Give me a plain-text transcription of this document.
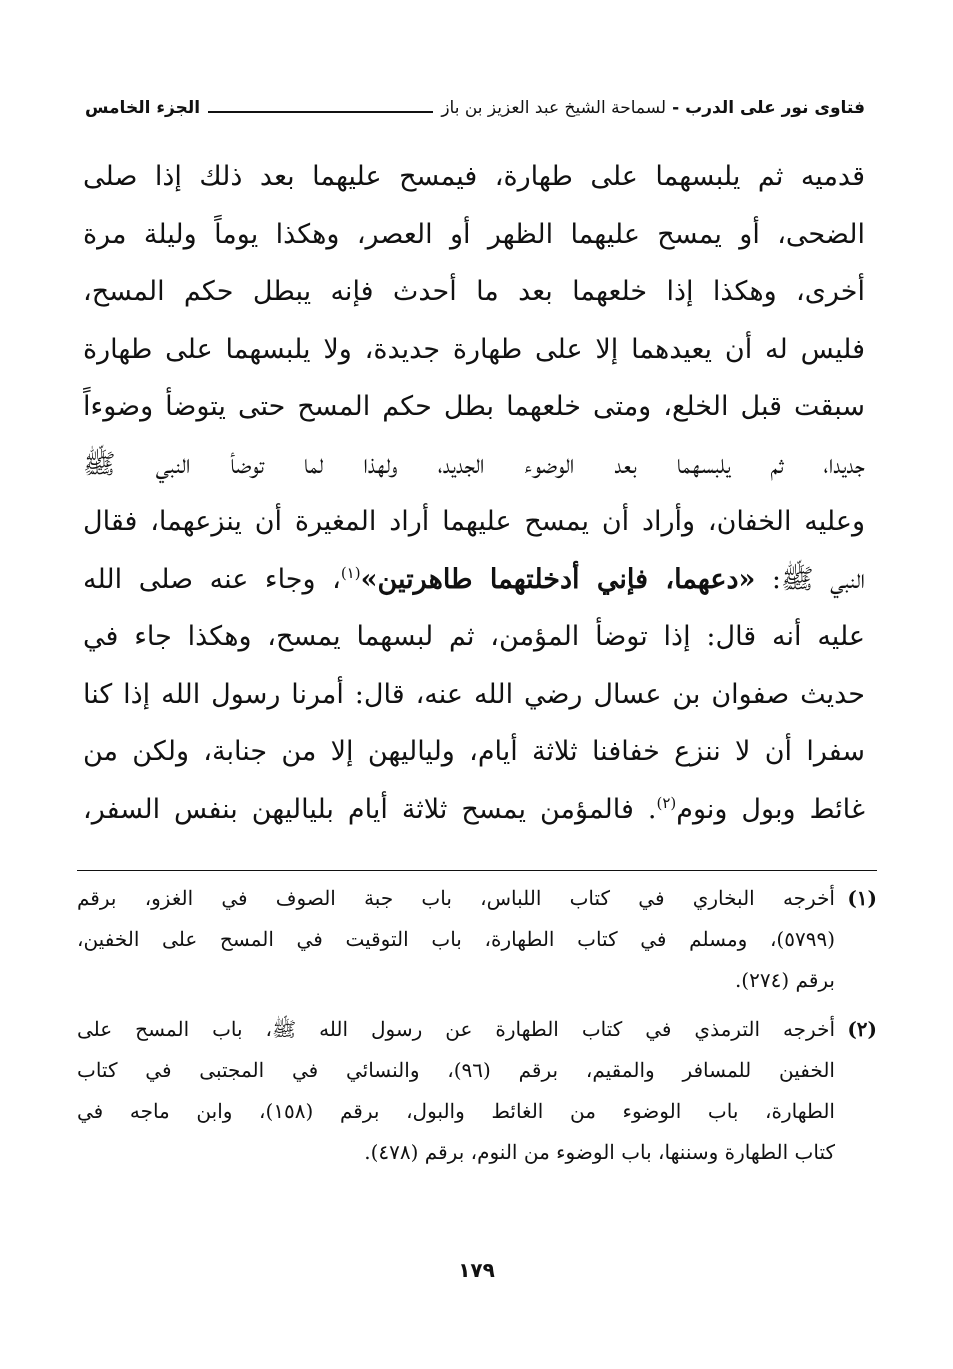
فتاوى نور على الدرب
-
لسماحة الشيخ عبد العزيز بن باز
الجزء الخامس
قدميه ثم يلبسهما على طهارة، فيمسح عليهما بعد ذلك إذا صلى
الضحى، أو يمسح عليهما الظهر أو العصر، وهكذا يوماً وليلة مرة
أخرى، وهكذا إذا خلعهما بعد ما أحدث فإنه يبطل حكم المسح،
فليس له أن يعيدهما إلا على طهارة جديدة، ولا يلبسهما على طهارة
سبقت قبل الخلع، ومتى خلعهما بطل حكم المسح حتى يتوضأ وضوءاً
جديدا، ثم يلبسهما بعد الوضوء الجديد، ولهذا لما توضأ النبي ﷺ
وعليه الخفان، وأراد أن يمسح عليهما أراد المغيرة أن ينزعهما، فقال
النبي ﷺ: «دعهما، فإني أدخلتهما طاهرتين»$^{(١)}$، وجاء عنه صلى الله
عليه أنه قال: إذا توضأ المؤمن، ثم لبسهما يمسح، وهكذا جاء في
حديث صفوان بن عسال رضي الله عنه، قال: أمرنا رسول الله إذا كنا
سفرا أن لا ننزع خفافنا ثلاثة أيام، ولياليهن إلا من جنابة، ولكن من
غائط وبول ونوم$^{(٢)}$. فالمؤمن يمسح ثلاثة أيام بلياليهن بنفس السفر،
(١)
أخرجه البخاري في كتاب اللباس، باب جبة الصوف في الغزو، برقم
(٥٧٩٩)، ومسلم في كتاب الطهارة، باب التوقيت في المسح على الخفين،
برقم (٢٧٤).
(٢)
أخرجه الترمذي في كتاب الطهارة عن رسول الله ﷺ، باب المسح على
الخفين للمسافر والمقيم، برقم (٩٦)، والنسائي في المجتبى في كتاب
الطهارة، باب الوضوء من الغائط والبول، برقم (١٥٨)، وابن ماجه في
كتاب الطهارة وسننها، باب الوضوء من النوم، برقم (٤٧٨).
١٧٩
